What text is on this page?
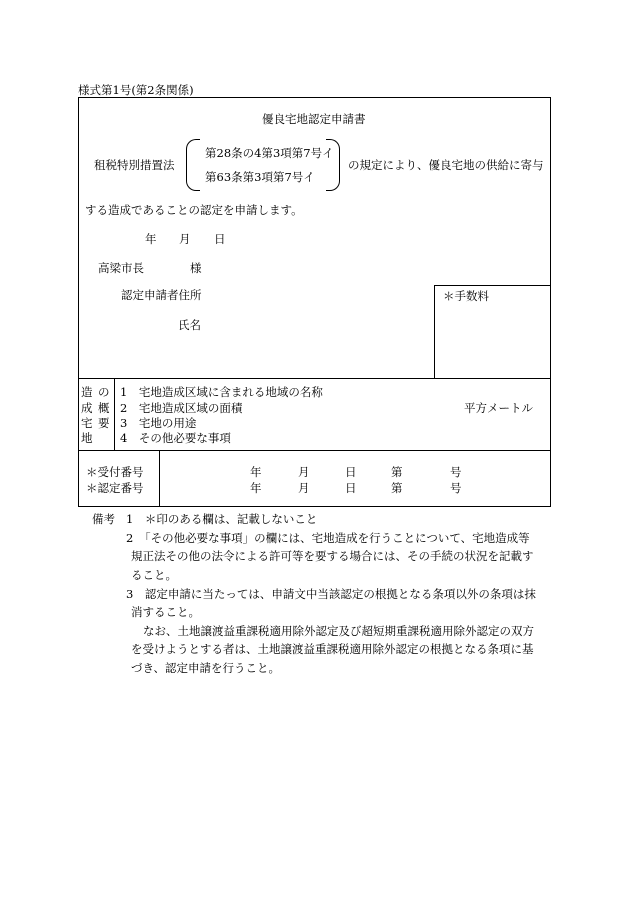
様式第1号(第2条関係)
優良宅地認定申請書
租税特別措置法
第28条の4第3項第7号イ
第63条第3項第7号イ
の規定により、優良宅地の供給に寄与
する造成であることの認定を申請します。
年 月 日
高梁市長	様
認定申請者住所
氏名
＊手数料
造
成
宅
地
の
概
要
1　宅地造成区域に含まれる地域の名称
2　宅地造成区域の面積
3　宅地の用途
4　その他必要な事項
平方メートル
＊受付番号	年	月	日	第	号
＊認定番号	年	月	日	第	号
備考 1　＊印のある欄は、記載しないこと
2　「その他必要な事項」の欄には、宅地造成を行うことについて、宅地造成等
規正法その他の法令による許可等を要する場合には、その手続の状況を記載す
ること。
3　認定申請に当たっては、申請文中当該認定の根拠となる条項以外の条項は抹
消すること。
なお、土地譲渡益重課税適用除外認定及び超短期重課税適用除外認定の双方
を受けようとする者は、土地譲渡益重課税適用除外認定の根拠となる条項に基
づき、認定申請を行うこと。
